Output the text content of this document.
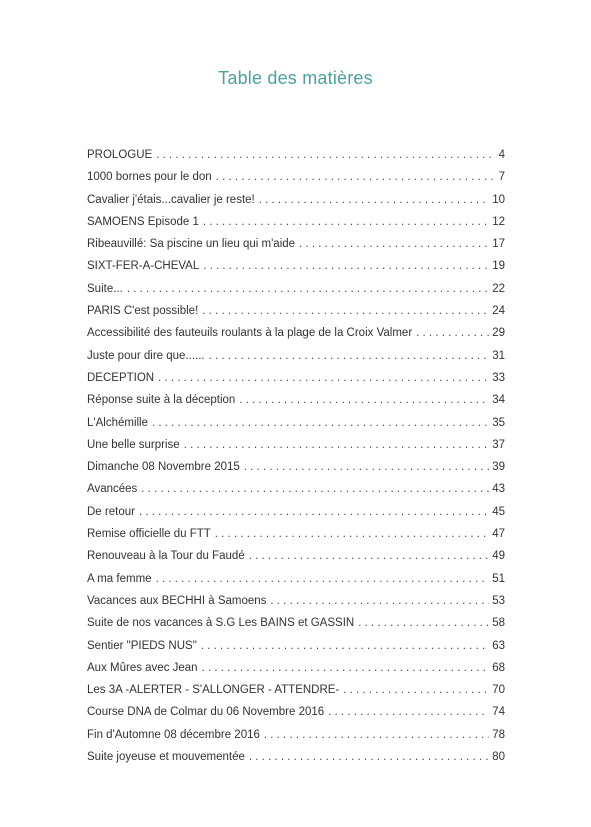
Table des matières
PROLOGUE . . .	4
1000 bornes pour le don . . .	7
Cavalier j'étais...cavalier je reste! . . .	10
SAMOENS Episode 1 . . .	12
Ribeauvillé: Sa piscine un lieu qui m'aide . . .	17
SIXT-FER-A-CHEVAL . . .	19
Suite... . . .	22
PARIS C'est possible! . . .	24
Accessibilité des fauteuils roulants à la plage de la Croix Valmer . . .	29
Juste pour dire que...... . . .	31
DECEPTION . . .	33
Réponse suite à la déception . . .	34
L'Alchémille . . .	35
Une belle surprise . . .	37
Dimanche 08 Novembre 2015 . . .	39
Avancées . . .	43
De retour . . .	45
Remise officielle du FTT . . .	47
Renouveau à la Tour du Faudé . . .	49
A ma femme . . .	51
Vacances aux BECHHI à Samoens . . .	53
Suite de nos vacances à S.G Les BAINS et GASSIN . . .	58
Sentier "PIEDS NUS" . . .	63
Aux Mûres avec Jean . . .	68
Les 3A -ALERTER - S'ALLONGER - ATTENDRE- . . .	70
Course DNA de Colmar du 06 Novembre 2016 . . .	74
Fin d'Automne 08 décembre 2016 . . .	78
Suite joyeuse et mouvementée . . .	80
